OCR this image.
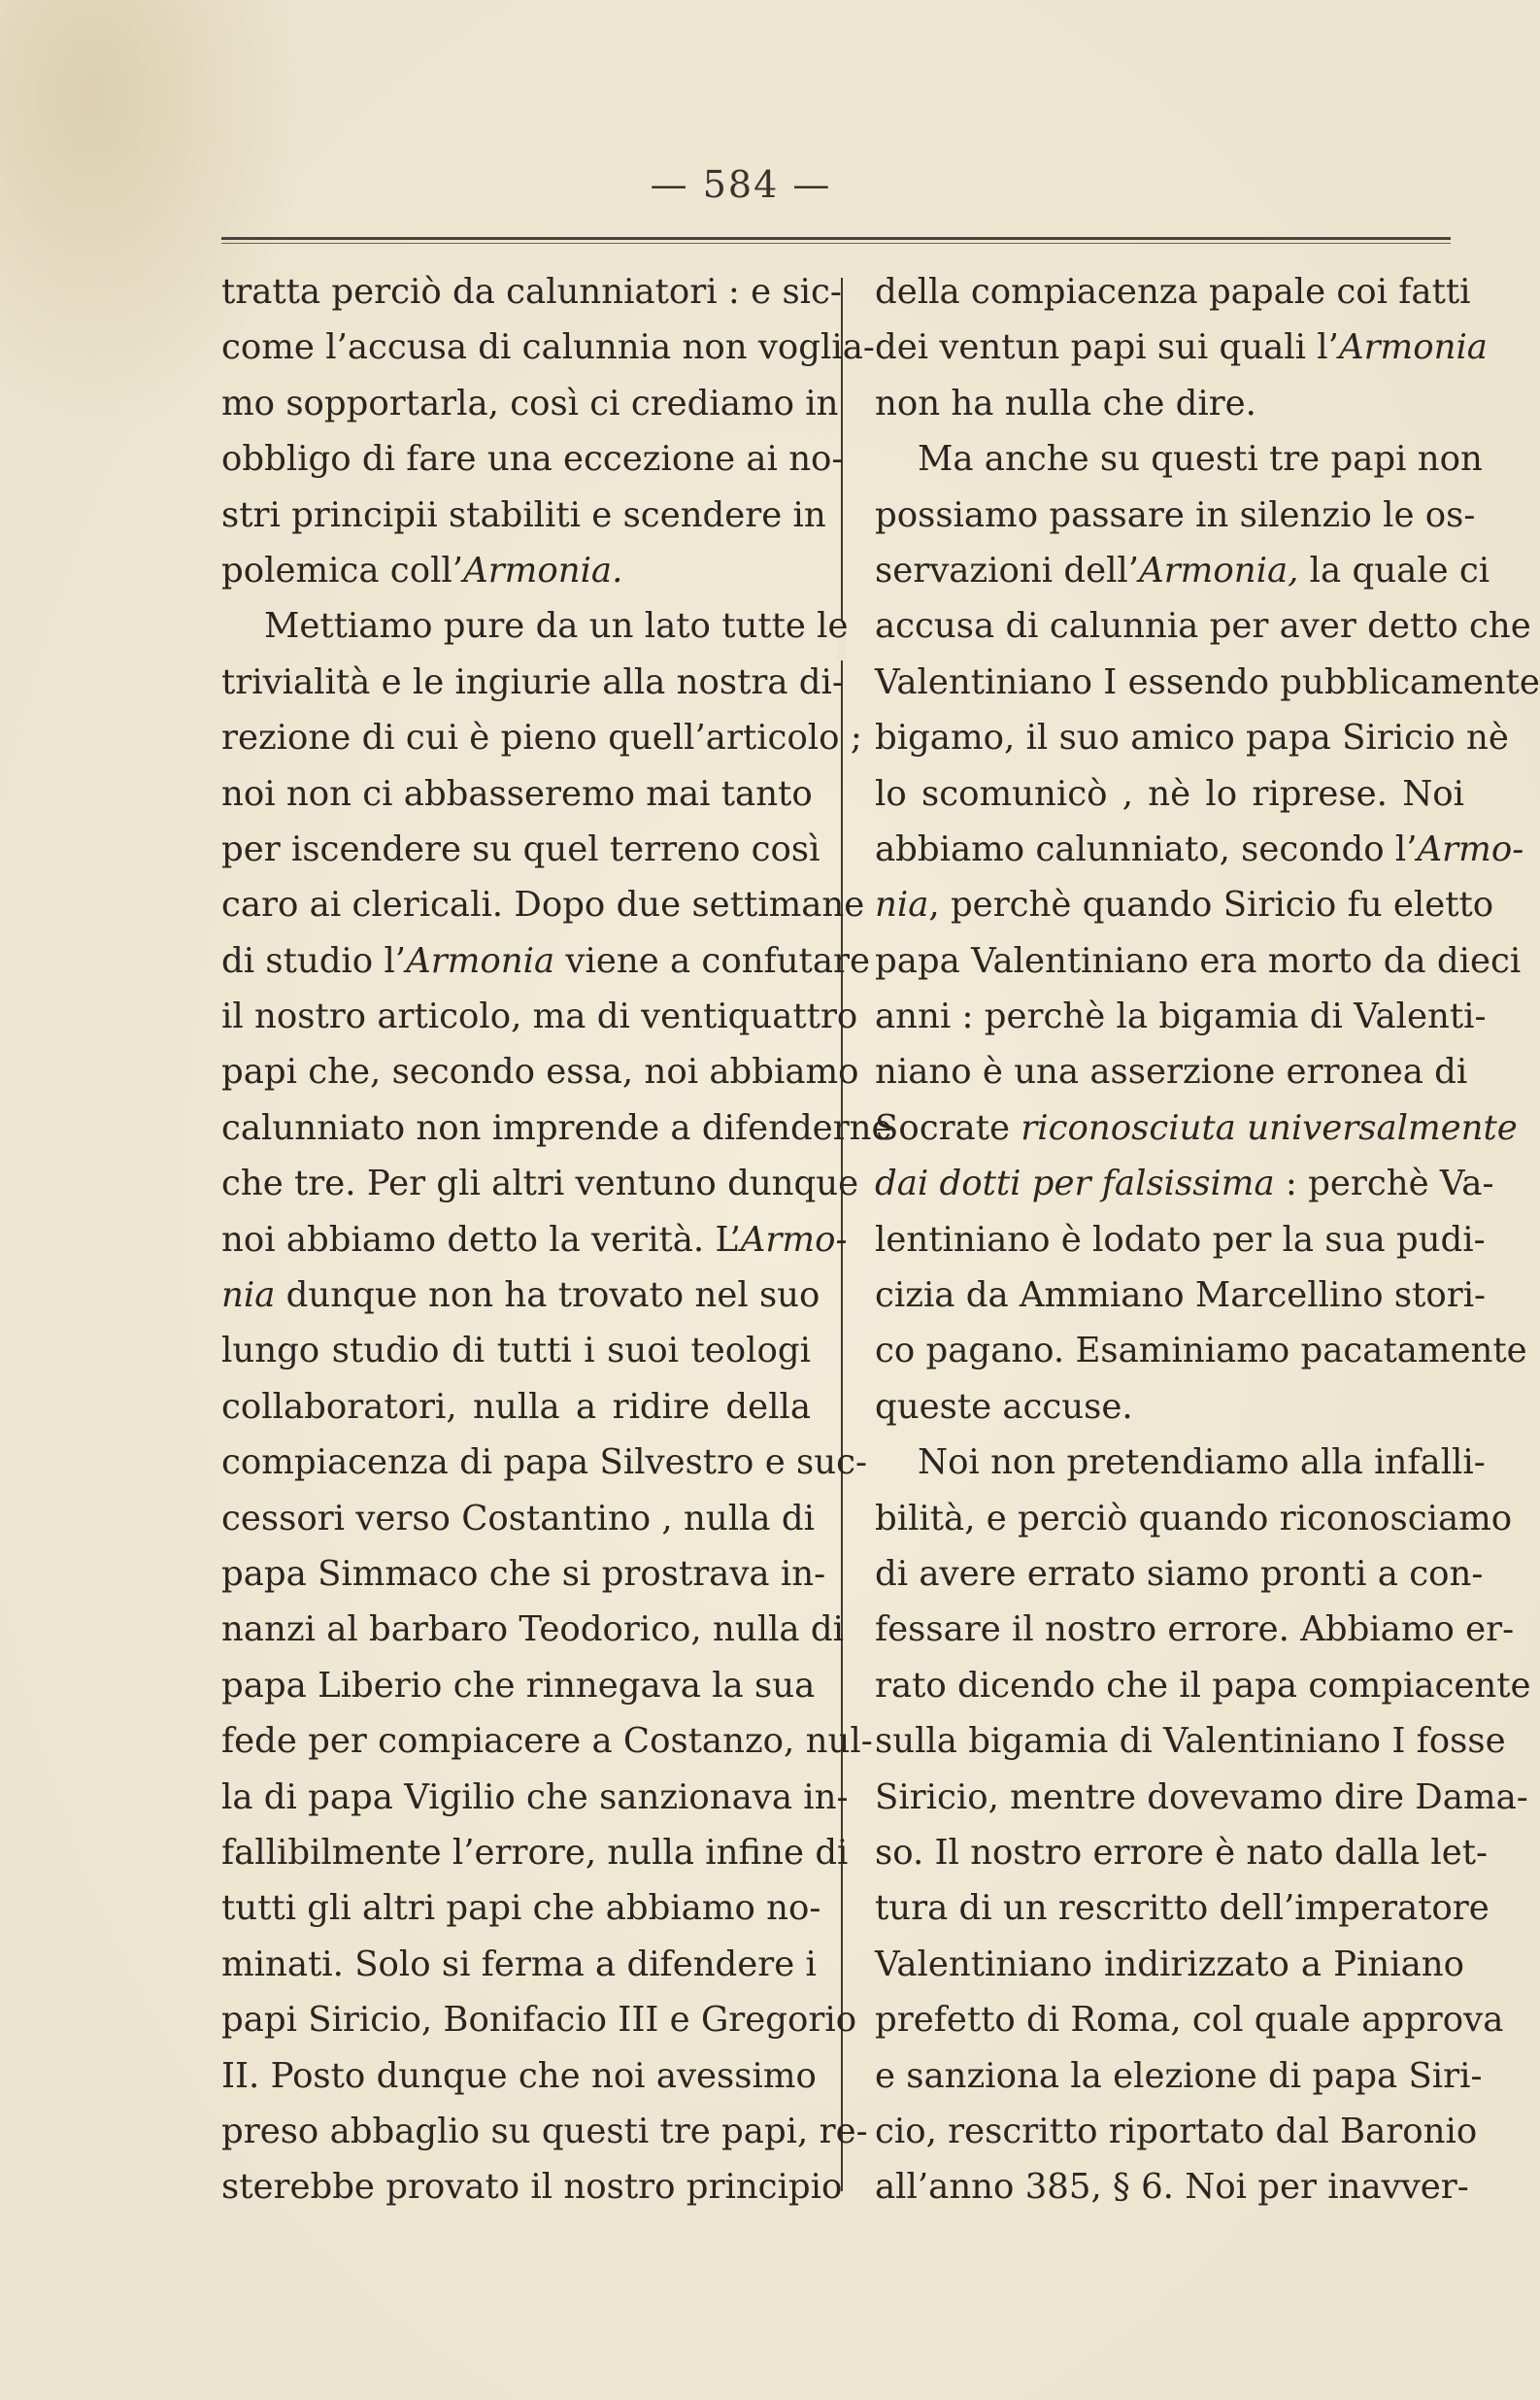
— 584 —
tratta perciò da calunniatori : e sic-
come l’accusa di calunnia non voglia-
mo sopportarla, così ci crediamo in
obbligo di fare una eccezione ai no-
stri principii stabiliti e scendere in
polemica coll’Armonia.
Mettiamo pure da un lato tutte le
trivialità e le ingiurie alla nostra di-
rezione di cui è pieno quell’articolo ;
noi non ci abbasseremo mai tanto
per iscendere su quel terreno così
caro ai clericali. Dopo due settimane
di studio l’Armonia viene a confutare
il nostro articolo, ma di ventiquattro
papi che, secondo essa, noi abbiamo
calunniato non imprende a difenderne
che tre. Per gli altri ventuno dunque
noi abbiamo detto la verità. L’Armo-
nia dunque non ha trovato nel suo
lungo studio di tutti i suoi teologi
collaboratori, nulla a ridire della
compiacenza di papa Silvestro e suc-
cessori verso Costantino , nulla di
papa Simmaco che si prostrava in-
nanzi al barbaro Teodorico, nulla di
papa Liberio che rinnegava la sua
fede per compiacere a Costanzo, nul-
la di papa Vigilio che sanzionava in-
fallibilmente l’errore, nulla infine di
tutti gli altri papi che abbiamo no-
minati. Solo si ferma a difendere i
papi Siricio, Bonifacio III e Gregorio
II. Posto dunque che noi avessimo
preso abbaglio su questi tre papi, re-
sterebbe provato il nostro principio
della compiacenza papale coi fatti
dei ventun papi sui quali l’Armonia
non ha nulla che dire.
Ma anche su questi tre papi non
possiamo passare in silenzio le os-
servazioni dell’Armonia, la quale ci
accusa di calunnia per aver detto che
Valentiniano I essendo pubblicamente
bigamo, il suo amico papa Siricio nè
lo scomunicò , nè lo riprese. Noi
abbiamo calunniato, secondo l’Armo-
nia, perchè quando Siricio fu eletto
papa Valentiniano era morto da dieci
anni : perchè la bigamia di Valenti-
niano è una asserzione erronea di
Socrate riconosciuta universalmente
dai dotti per falsissima : perchè Va-
lentiniano è lodato per la sua pudi-
cizia da Ammiano Marcellino stori-
co pagano. Esaminiamo pacatamente
queste accuse.
Noi non pretendiamo alla infalli-
bilità, e perciò quando riconosciamo
di avere errato siamo pronti a con-
fessare il nostro errore. Abbiamo er-
rato dicendo che il papa compiacente
sulla bigamia di Valentiniano I fosse
Siricio, mentre dovevamo dire Dama-
so. Il nostro errore è nato dalla let-
tura di un rescritto dell’imperatore
Valentiniano indirizzato a Piniano
prefetto di Roma, col quale approva
e sanziona la elezione di papa Siri-
cio, rescritto riportato dal Baronio
all’anno 385, § 6. Noi per inavver-
